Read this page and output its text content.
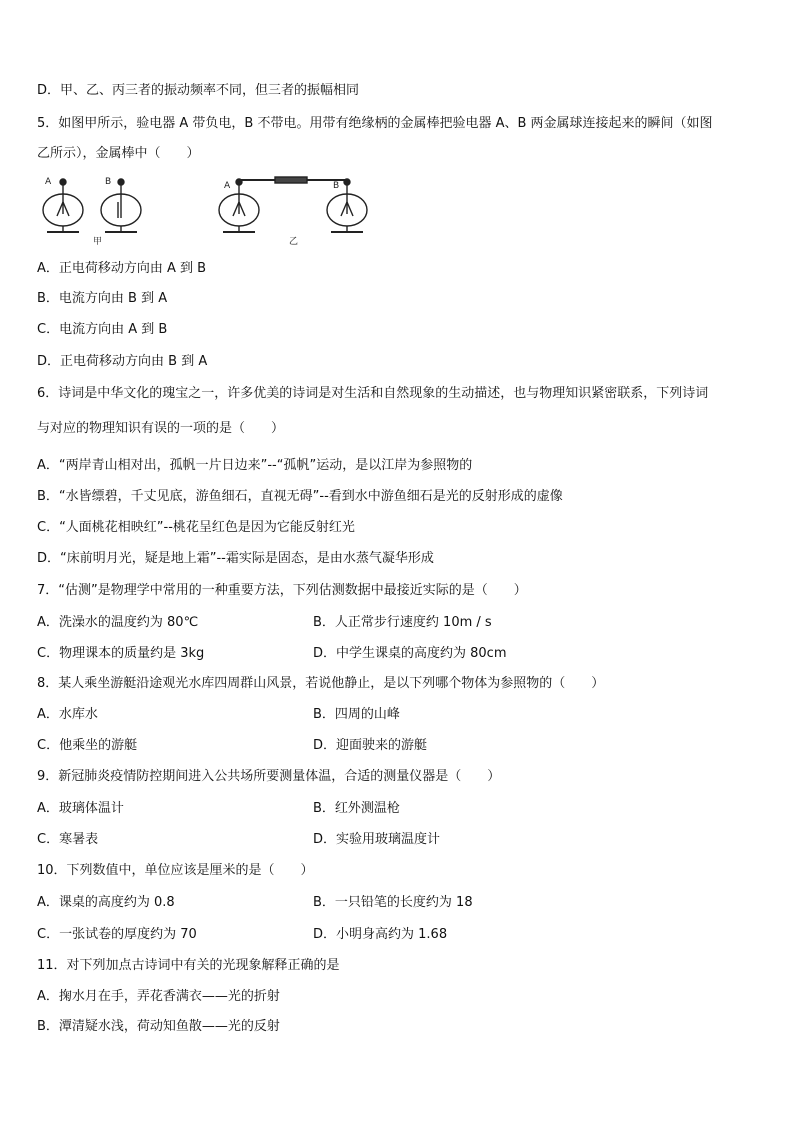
D．甲、乙、丙三者的振动频率不同，但三者的振幅相同
5．如图甲所示，验电器 A 带负电，B 不带电。用带有绝缘柄的金属棒把验电器 A、B 两金属球连接起来的瞬间（如图
乙所示），金属棒中（　　）
A	B	A	B
甲	乙
A．正电荷移动方向由 A 到 B
B．电流方向由 B 到 A
C．电流方向由 A 到 B
D．正电荷移动方向由 B 到 A
6．诗词是中华文化的瑰宝之一，许多优美的诗词是对生活和自然现象的生动描述，也与物理知识紧密联系，下列诗词
与对应的物理知识有误的一项的是（　　）
A．“两岸青山相对出，孤帆一片日边来”--“孤帆”运动，是以江岸为参照物的
B．“水皆缥碧，千丈见底，游鱼细石，直视无碍”--看到水中游鱼细石是光的反射形成的虚像
C．“人面桃花相映红”--桃花呈红色是因为它能反射红光
D．“床前明月光，疑是地上霜”--霜实际是固态，是由水蒸气凝华形成
7．“估测”是物理学中常用的一种重要方法，下列估测数据中最接近实际的是（　　）
A．洗澡水的温度约为 80℃	B．人正常步行速度约 10m / s
C．物理课本的质量约是 3kg	D．中学生课桌的高度约为 80cm
8．某人乘坐游艇沿途观光水库四周群山风景，若说他静止，是以下列哪个物体为参照物的（　　）
A．水库水	B．四周的山峰
C．他乘坐的游艇	D．迎面驶来的游艇
9．新冠肺炎疫情防控期间进入公共场所要测量体温，合适的测量仪器是（　　）
A．玻璃体温计	B．红外测温枪
C．寒暑表	D．实验用玻璃温度计
10．下列数值中，单位应该是厘米的是（　　）
A．课桌的高度约为 0.8	B．一只铅笔的长度约为 18
C．一张试卷的厚度约为 70	D．小明身高约为 1.68
11．对下列加点古诗词中有关的光现象解释正确的是
A．掬水月在手，弄花香满衣——光的折射
B．潭清疑水浅，荷动知鱼散——光的反射
